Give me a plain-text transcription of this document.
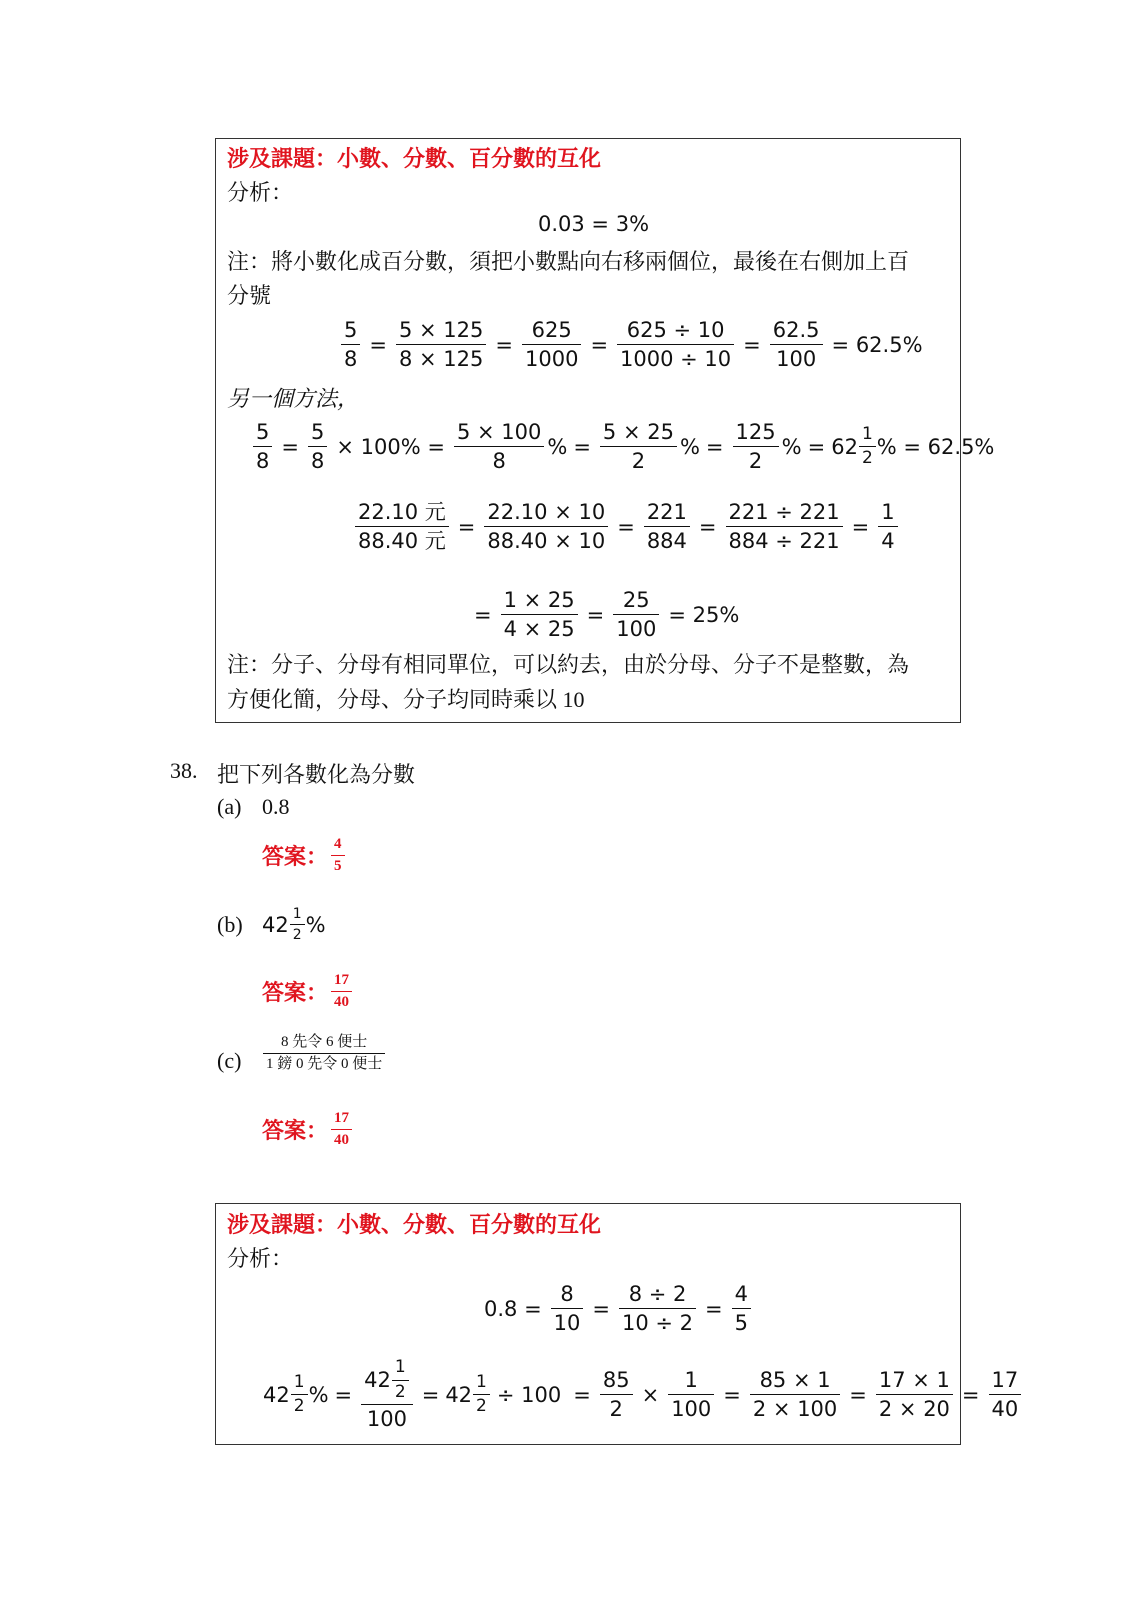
涉及課題：小數、分數、百分數的互化
分析：
0.03 = 3%
注：將小數化成百分數，須把小數點向右移兩個位，最後在右側加上百
分號
$\frac{5}{8} = \frac{5 \times 125}{8 \times 125} = \frac{625}{1000} = \frac{625 \div 10}{1000 \div 10} = \frac{62.5}{100} = 62.5\%$
另一個方法，
$\frac{5}{8} = \frac{5}{8} \times 100\% = \frac{5 \times 100}{8}$ % = $\frac{5 \times 25}{2}$ % = $\frac{125}{2}$ % = $62 \frac{1}{2}$ % = 62.5%
$\frac{\text{22.10 元}}{\text{88.40 元}} = \frac{22.10 \times 10}{88.40 \times 10} = \frac{221}{884} = \frac{221 \div 221}{884 \div 221} = \frac{1}{4}$
= $\frac{1 \times 25}{4 \times 25} = \frac{25}{100} = 25\%$
注：分子、分母有相同單位，可以約去，由於分母、分子不是整數，為
方便化簡，分母、分子均同時乘以 10
38. 把下列各數化為分數
(a) 0.8
答案： $\frac{4}{5}$
(b) $42 \frac{1}{2}$ %
答案： $\frac{17}{40}$
$(c) \frac{\text{8 先令 6 便士}}{\text{1 鎊 0 先令 0 便士}}$
答案： $\frac{17}{40}$
涉及課題：小數、分數、百分數的互化
分析：
$0.8 = \frac{8}{10} = \frac{8 \div 2}{10 \div 2} = \frac{4}{5}$
$42 \frac{1}{2}$ % = $\frac{42 \frac{1}{2}}{100} = 42 \frac{1}{2} \div 100 = \frac{85}{2} \times \frac{1}{100} = \frac{85 \times 1}{2 \times 100} = \frac{17 \times 1}{2 \times 20} = \frac{17}{40}$
